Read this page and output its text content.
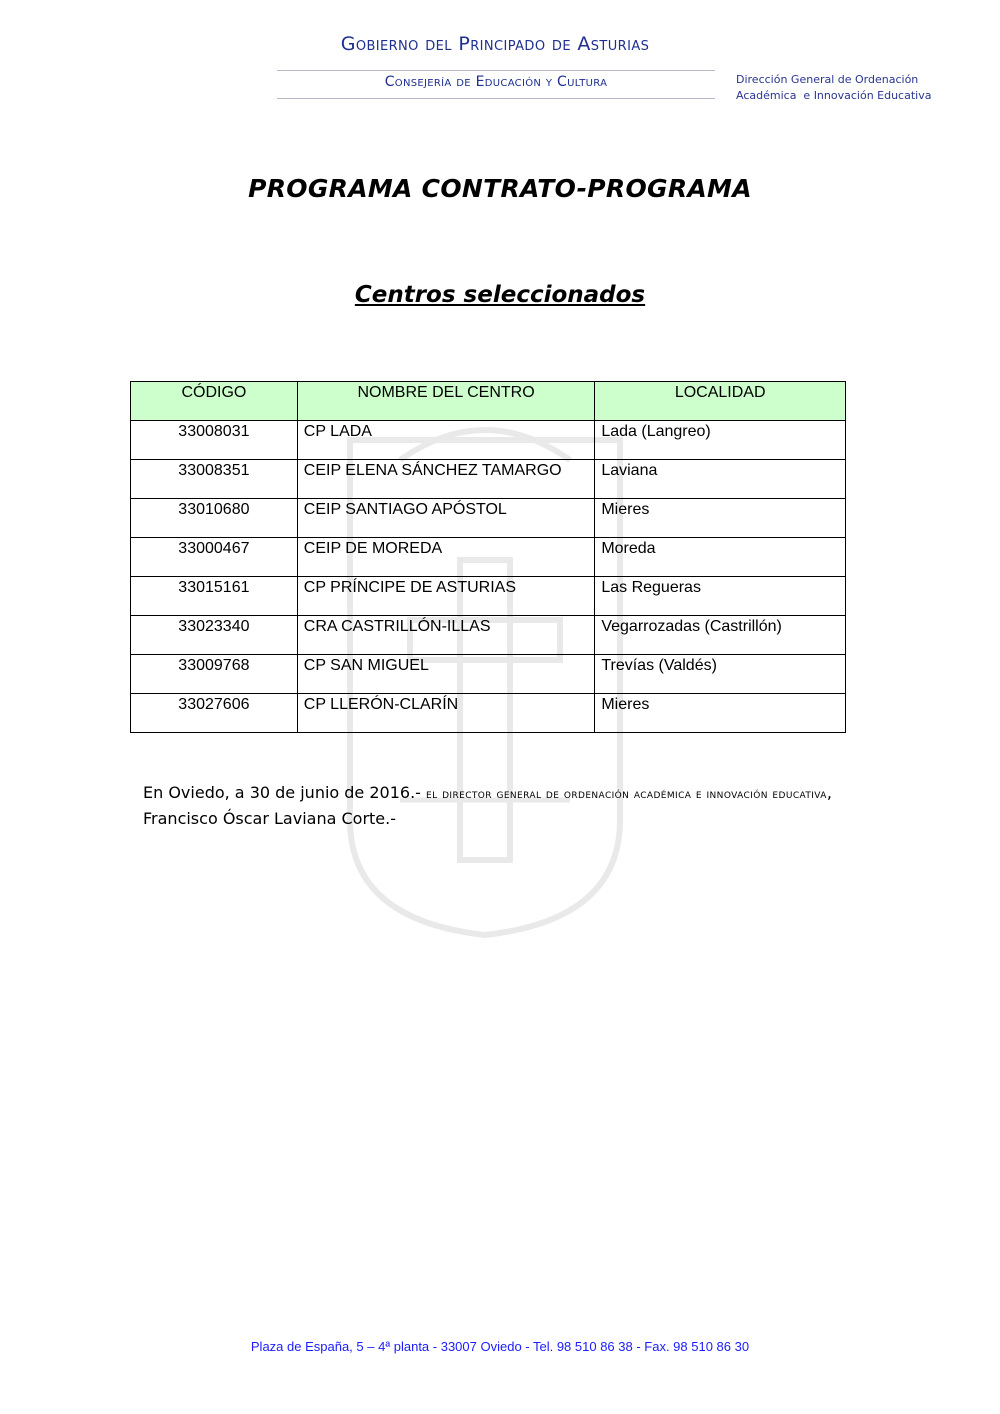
Gobierno del Principado de Asturias
Consejería de Educación y Cultura	Dirección General de Ordenación
Académica  e Innovación Educativa
PROGRAMA CONTRATO-PROGRAMA
Centros seleccionados
CÓDIGO	NOMBRE DEL CENTRO	LOCALIDAD
33008031	CP LADA	Lada (Langreo)
33008351	CEIP ELENA SÁNCHEZ TAMARGO	Laviana
33010680	CEIP SANTIAGO APÓSTOL	Mieres
33000467	CEIP DE MOREDA	Moreda
33015161	CP PRÍNCIPE DE ASTURIAS	Las Regueras
33023340	CRA CASTRILLÓN-ILLAS	Vegarrozadas (Castrillón)
33009768	CP SAN MIGUEL	Trevías (Valdés)
33027606	CP LLERÓN-CLARÍN	Mieres
En Oviedo, a 30 de junio de 2016.- el director general de ordenación académica e innovación educativa, Francisco Óscar Laviana Corte.-
Plaza de España, 5 – 4ª planta - 33007 Oviedo - Tel. 98 510 86 38 - Fax. 98 510 86 30
